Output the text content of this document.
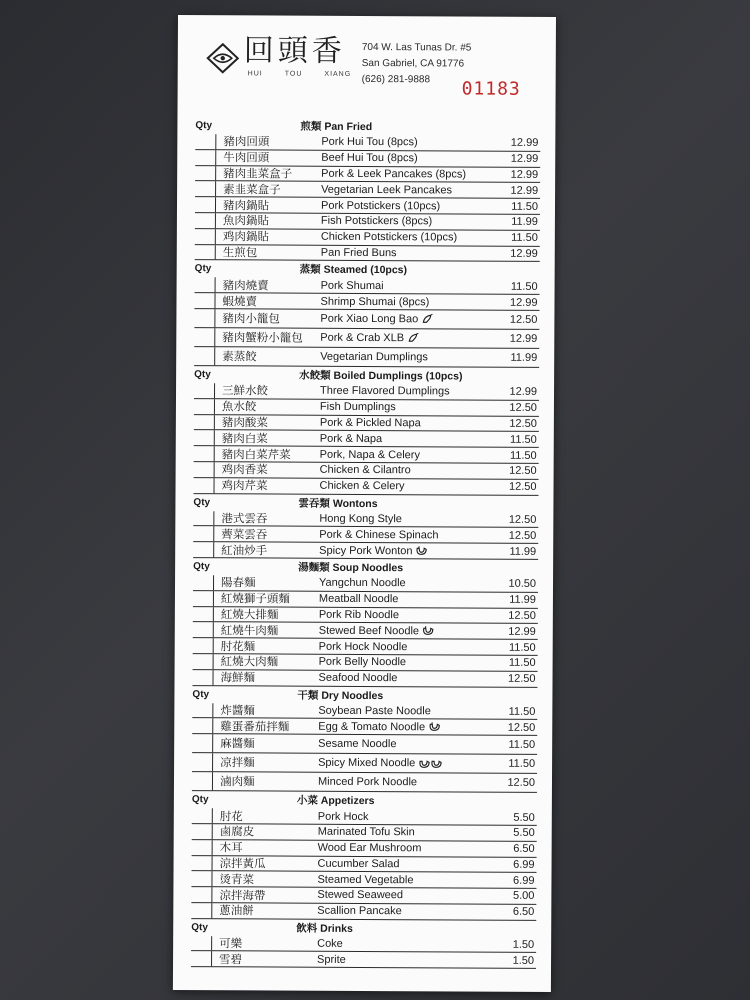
回頭香
HUI	TOU	XIANG
704 W. Las Tunas Dr. #5
San Gabriel, CA 91776
(626) 281-9888	01183
Qty	煎類 Pan Fried
豬肉回頭	Pork Hui Tou (8pcs)	12.99
牛肉回頭	Beef Hui Tou (8pcs)	12.99
豬肉韭菜盒子	Pork & Leek Pancakes (8pcs)	12.99
素韭菜盒子	Vegetarian Leek Pancakes	12.99
豬肉鍋貼	Pork Potstickers (10pcs)	11.50
魚肉鍋貼	Fish Potstickers (8pcs)	11.99
鸡肉鍋貼	Chicken Potstickers (10pcs)	11.50
生煎包	Pan Fried Buns	12.99
Qty	蒸類 Steamed (10pcs)
豬肉燒賣	Pork Shumai	11.50
蝦燒賣	Shrimp Shumai (8pcs)	12.99
豬肉小籠包	Pork Xiao Long Bao	12.50
豬肉蟹粉小籠包 Pork & Crab XLB	12.99
素蒸餃	Vegetarian Dumplings	11.99
Qty	水餃類 Boiled Dumplings (10pcs)
三鮮水餃	Three Flavored Dumplings	12.99
魚水餃	Fish Dumplings	12.50
豬肉酸菜	Pork & Pickled Napa	12.50
豬肉白菜	Pork & Napa	11.50
豬肉白菜芹菜	Pork, Napa & Celery	11.50
鸡肉香菜	Chicken & Cilantro	12.50
鸡肉芹菜	Chicken & Celery	12.50
Qty	雲吞類 Wontons
港式雲吞	Hong Kong Style	12.50
薺菜雲吞	Pork & Chinese Spinach	12.50
紅油炒手	Spicy Pork Wonton	11.99
Qty	湯麵類 Soup Noodles
陽春麵	Yangchun Noodle	10.50
紅燒獅子頭麵	Meatball Noodle	11.99
紅燒大排麵	Pork Rib Noodle	12.50
紅燒牛肉麵	Stewed Beef Noodle	12.99
肘花麵	Pork Hock Noodle	11.50
紅燒大肉麵	Pork Belly Noodle	11.50
海鮮麵	Seafood Noodle	12.50
Qty	干類 Dry Noodles
炸醬麵	Soybean Paste Noodle	11.50
雞蛋番茄拌麵	Egg & Tomato Noodle	12.50
麻醬麵	Sesame Noodle	11.50
凉拌麵	Spicy Mixed Noodle	11.50
滷肉麵	Minced Pork Noodle	12.50
Qty	小菜 Appetizers
肘花	Pork Hock	5.50
鹵腐皮	Marinated Tofu Skin	5.50
木耳	Wood Ear Mushroom	6.50
涼拌黃瓜	Cucumber Salad	6.99
烫青菜	Steamed Vegetable	6.99
涼拌海帶	Stewed Seaweed	5.00
蔥油餅	Scallion Pancake	6.50
Qty	飲料 Drinks
可樂	Coke	1.50
雪碧	Sprite	1.50
